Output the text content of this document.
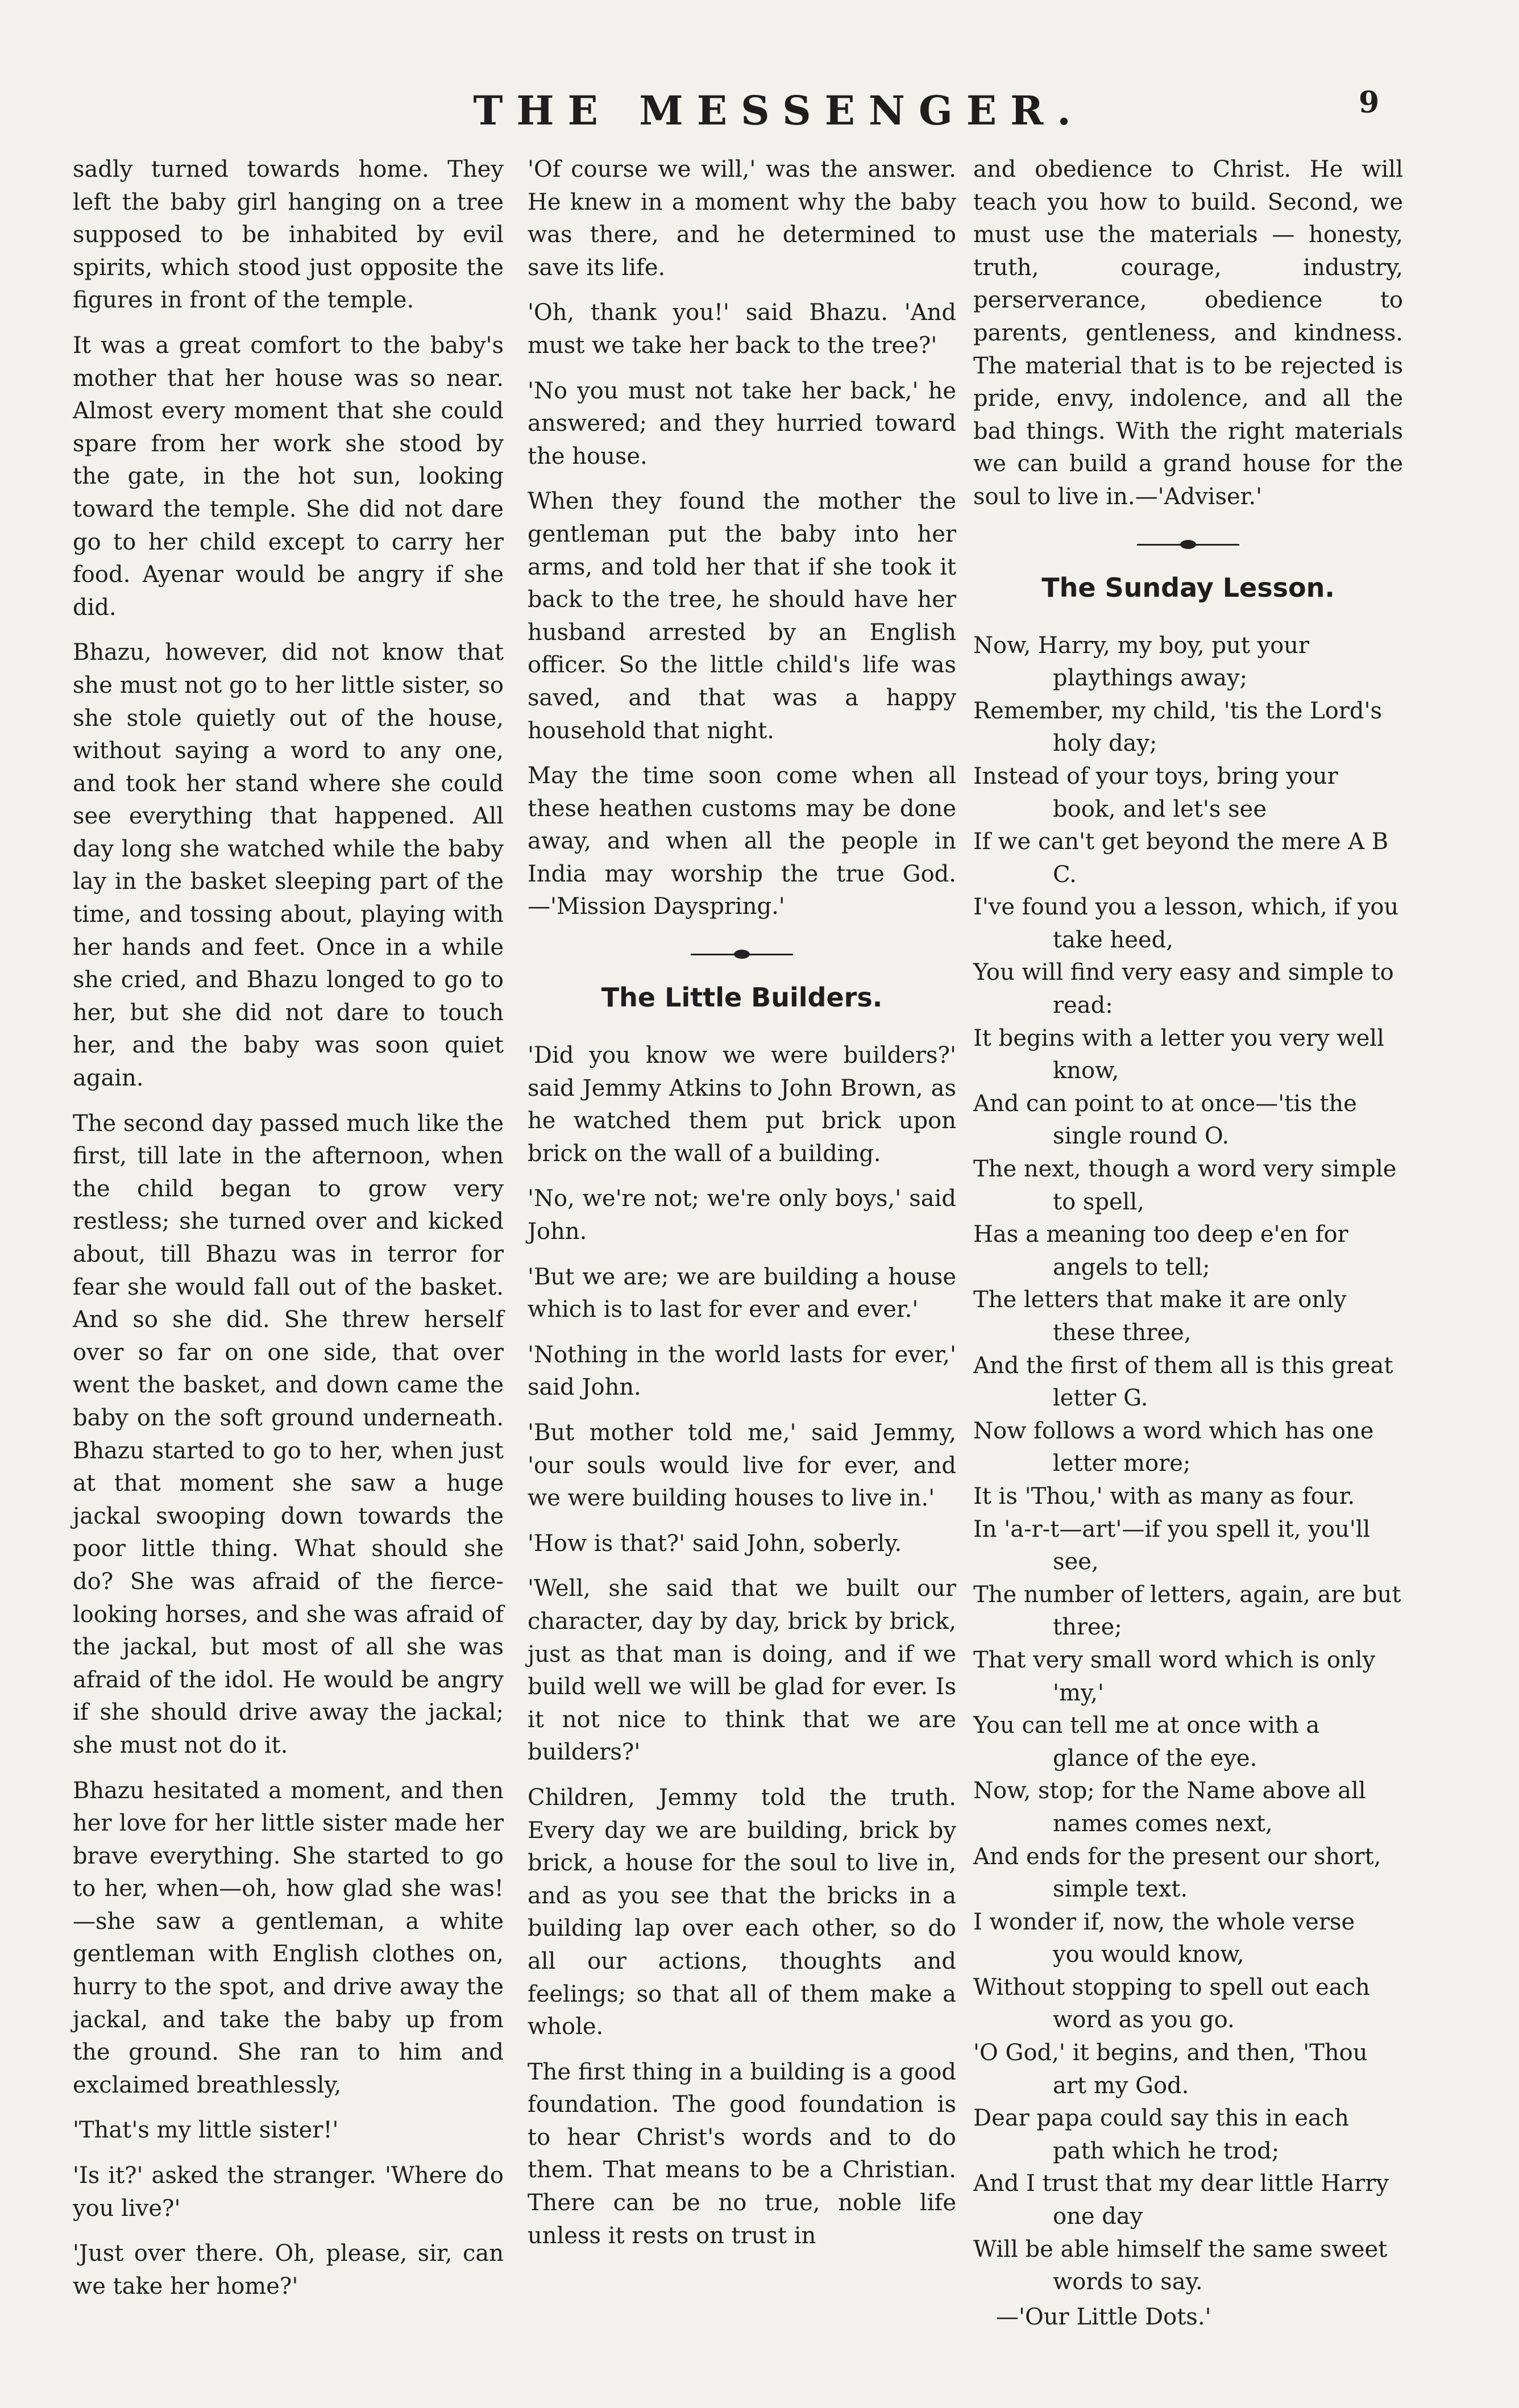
THE MESSENGER.	9

sadly turned towards home. They left the baby girl hanging on a tree supposed to be inhabited by evil spirits, which stood just opposite the figures in front of the temple.

It was a great comfort to the baby's mother that her house was so near. Almost every moment that she could spare from her work she stood by the gate, in the hot sun, looking toward the temple. She did not dare go to her child except to carry her food. Ayenar would be angry if she did.

Bhazu, however, did not know that she must not go to her little sister, so she stole quietly out of the house, without saying a word to any one, and took her stand where she could see everything that happened. All day long she watched while the baby lay in the basket sleeping part of the time, and tossing about, playing with her hands and feet. Once in a while she cried, and Bhazu longed to go to her, but she did not dare to touch her, and the baby was soon quiet again.

The second day passed much like the first, till late in the afternoon, when the child began to grow very restless; she turned over and kicked about, till Bhazu was in terror for fear she would fall out of the basket. And so she did. She threw herself over so far on one side, that over went the basket, and down came the baby on the soft ground underneath. Bhazu started to go to her, when just at that moment she saw a huge jackal swooping down towards the poor little thing. What should she do? She was afraid of the fierce-looking horses, and she was afraid of the jackal, but most of all she was afraid of the idol. He would be angry if she should drive away the jackal; she must not do it.

Bhazu hesitated a moment, and then her love for her little sister made her brave everything. She started to go to her, when—oh, how glad she was!—she saw a gentleman, a white gentleman with English clothes on, hurry to the spot, and drive away the jackal, and take the baby up from the ground. She ran to him and exclaimed breathlessly,

'That's my little sister!'

'Is it?' asked the stranger. 'Where do you live?'

'Just over there. Oh, please, sir, can we take her home?'

'Of course we will,' was the answer. He knew in a moment why the baby was there, and he determined to save its life.

'Oh, thank you!' said Bhazu. 'And must we take her back to the tree?'

'No you must not take her back,' he answered; and they hurried toward the house.

When they found the mother the gentleman put the baby into her arms, and told her that if she took it back to the tree, he should have her husband arrested by an English officer. So the little child's life was saved, and that was a happy household that night.

May the time soon come when all these heathen customs may be done away, and when all the people in India may worship the true God.—'Mission Dayspring.'

The Little Builders.

'Did you know we were builders?' said Jemmy Atkins to John Brown, as he watched them put brick upon brick on the wall of a building.

'No, we're not; we're only boys,' said John.

'But we are; we are building a house which is to last for ever and ever.'

'Nothing in the world lasts for ever,' said John.

'But mother told me,' said Jemmy, 'our souls would live for ever, and we were building houses to live in.'

'How is that?' said John, soberly.

'Well, she said that we built our character, day by day, brick by brick, just as that man is doing, and if we build well we will be glad for ever. Is it not nice to think that we are builders?'

Children, Jemmy told the truth. Every day we are building, brick by brick, a house for the soul to live in, and as you see that the bricks in a building lap over each other, so do all our actions, thoughts and feelings; so that all of them make a whole.

The first thing in a building is a good foundation. The good foundation is to hear Christ's words and to do them. That means to be a Christian. There can be no true, noble life unless it rests on trust in

and obedience to Christ. He will teach you how to build. Second, we must use the materials — honesty, truth, courage, industry, perserverance, obedience to parents, gentleness, and kindness. The material that is to be rejected is pride, envy, indolence, and all the bad things. With the right materials we can build a grand house for the soul to live in.—'Adviser.'

The Sunday Lesson.
Now, Harry, my boy, put your playthings away;
Remember, my child, 'tis the Lord's holy day;
Instead of your toys, bring your book, and let's see
If we can't get beyond the mere A B C.
I've found you a lesson, which, if you take heed,
You will find very easy and simple to read:
It begins with a letter you very well know,
And can point to at once—'tis the single round O.
The next, though a word very simple to spell,
Has a meaning too deep e'en for angels to tell;
The letters that make it are only these three,
And the first of them all is this great letter G.
Now follows a word which has one letter more;
It is 'Thou,' with as many as four.
In 'a-r-t—art'—if you spell it, you'll see,
The number of letters, again, are but three;
That very small word which is only 'my,'
You can tell me at once with a glance of the eye.
Now, stop; for the Name above all names comes next,
And ends for the present our short, simple text.
I wonder if, now, the whole verse you would know,
Without stopping to spell out each word as you go.
'O God,' it begins, and then, 'Thou art my God.
Dear papa could say this in each path which he trod;
And I trust that my dear little Harry one day
Will be able himself the same sweet words to say.
—'Our Little Dots.'
